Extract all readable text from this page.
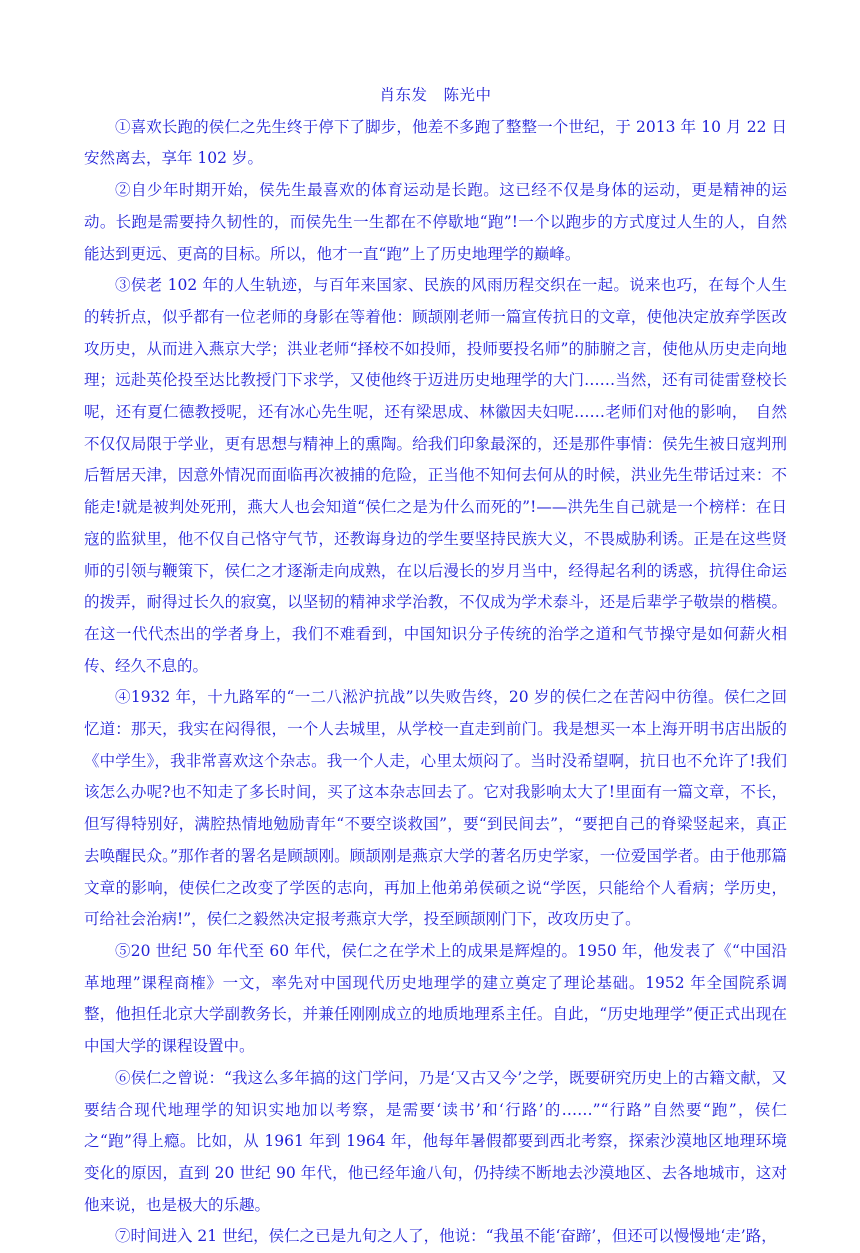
肖东发　陈光中

①喜欢长跑的侯仁之先生终于停下了脚步，他差不多跑了整整一个世纪，于 2013 年 10 月 22 日安然离去，享年 102 岁。

②自少年时期开始，侯先生最喜欢的体育运动是长跑。这已经不仅是身体的运动，更是精神的运动。长跑是需要持久韧性的，而侯先生一生都在不停歇地“跑”!一个以跑步的方式度过人生的人，自然能达到更远、更高的目标。所以，他才一直“跑”上了历史地理学的巅峰。

③侯老 102 年的人生轨迹，与百年来国家、民族的风雨历程交织在一起。说来也巧，在每个人生的转折点，似乎都有一位老师的身影在等着他：顾颉刚老师一篇宣传抗日的文章，使他决定放弃学医改攻历史，从而进入燕京大学；洪业老师“择校不如投师，投师要投名师”的肺腑之言，使他从历史走向地理；远赴英伦投至达比教授门下求学，又使他终于迈进历史地理学的大门……当然，还有司徒雷登校长呢，还有夏仁德教授呢，还有冰心先生呢，还有梁思成、林徽因夫妇呢……老师们对他的影响，　自然不仅仅局限于学业，更有思想与精神上的熏陶。给我们印象最深的，还是那件事情：侯先生被日寇判刑后暂居天津，因意外情况而面临再次被捕的危险，正当他不知何去何从的时候，洪业先生带话过来：不能走!就是被判处死刑，燕大人也会知道“侯仁之是为什么而死的”!——洪先生自己就是一个榜样：在日寇的监狱里，他不仅自己恪守气节，还教诲身边的学生要坚持民族大义，不畏威胁利诱。正是在这些贤师的引领与鞭策下，侯仁之才逐渐走向成熟，在以后漫长的岁月当中，经得起名利的诱惑，抗得住命运的拨弄，耐得过长久的寂寞，以坚韧的精神求学治教，不仅成为学术泰斗，还是后辈学子敬崇的楷模。在这一代代杰出的学者身上，我们不难看到，中国知识分子传统的治学之道和气节操守是如何薪火相传、经久不息的。

④1932 年，十九路军的“一二八淞沪抗战”以失败告终，20 岁的侯仁之在苦闷中彷徨。侯仁之回忆道：那天，我实在闷得很，一个人去城里，从学校一直走到前门。我是想买一本上海开明书店出版的《中学生》，我非常喜欢这个杂志。我一个人走，心里太烦闷了。当时没希望啊，抗日也不允许了!我们该怎么办呢?也不知走了多长时间，买了这本杂志回去了。它对我影响太大了!里面有一篇文章，不长，但写得特别好，满腔热情地勉励青年“不要空谈救国”，要“到民间去”，“要把自己的脊梁竖起来，真正去唤醒民众。”那作者的署名是顾颉刚。顾颉刚是燕京大学的著名历史学家，一位爱国学者。由于他那篇文章的影响，使侯仁之改变了学医的志向，再加上他弟弟侯硕之说“学医，只能给个人看病；学历史，可给社会治病!”，侯仁之毅然决定报考燕京大学，投至顾颉刚门下，改攻历史了。

⑤20 世纪 50 年代至 60 年代，侯仁之在学术上的成果是辉煌的。1950 年，他发表了《“中国沿革地理”课程商榷》一文，率先对中国现代历史地理学的建立奠定了理论基础。1952 年全国院系调整，他担任北京大学副教务长，并兼任刚刚成立的地质地理系主任。自此，“历史地理学”便正式出现在中国大学的课程设置中。

⑥侯仁之曾说：“我这么多年搞的这门学问，乃是‘又古又今’之学，既要研究历史上的古籍文献，又要结合现代地理学的知识实地加以考察，是需要‘读书’和‘行路’的……”“行路”自然要“跑”，侯仁之“跑”得上瘾。比如，从 1961 年到 1964 年，他每年暑假都要到西北考察，探索沙漠地区地理环境变化的原因，直到 20 世纪 90 年代，他已经年逾八旬，仍持续不断地去沙漠地区、去各地城市，这对他来说，也是极大的乐趣。

⑦时间进入 21 世纪，侯仁之已是九旬之人了，他说：“我虽不能‘奋蹄’，但还可以慢慢地‘走’路，
